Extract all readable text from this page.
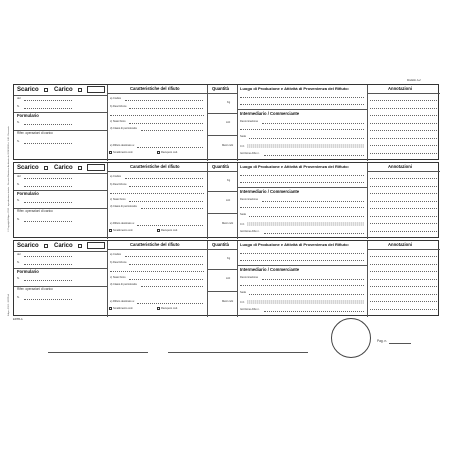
Modello A-2
© Copyright Edipro 2013 - riproduzione vietata - Decreto Ministero Ambiente del 1/04/1998 n° 148 - Riservato
Edipro 2013 - EP/85-A
Scarico	Carico
del
N.
Formulario
N.
Rifer. operazioni di carico
N.
Caratteristiche del rifiuto
a) Codice
b) Descrizione
c) Stato fisico
d) Classi di pericolosità
e) Rifiuto destinato a:
Smaltimento cod.	Recupero cod.
Quantità
Kg
Litri
Metri cubi
Luogo di Produzione e Attività di Provenienza del Rifiuto:
Intermediario / Commerciante
Denominazione
Sede
C.F.
Iscrizione Albo n.
Annotazioni
Scarico	Carico
del
N.
Formulario
N.
Rifer. operazioni di carico
N.
Caratteristiche del rifiuto
a) Codice
b) Descrizione
c) Stato fisico
d) Classi di pericolosità
e) Rifiuto destinato a:
Smaltimento cod.	Recupero cod.
Quantità
Kg
Litri
Metri cubi
Luogo di Produzione e Attività di Provenienza del Rifiuto:
Intermediario / Commerciante
Denominazione
Sede
C.F.
Iscrizione Albo n.
Annotazioni
Scarico	Carico
del
N.
Formulario
N.
Rifer. operazioni di carico
N.
Caratteristiche del rifiuto
a) Codice
b) Descrizione
c) Stato fisico
d) Classi di pericolosità
e) Rifiuto destinato a:
Smaltimento cod.	Recupero cod.
Quantità
Kg
Litri
Metri cubi
Luogo di Produzione e Attività di Provenienza del Rifiuto:
Intermediario / Commerciante
Denominazione
Sede
C.F.
Iscrizione Albo n.
Annotazioni
EP/85-A
Pag. n.
